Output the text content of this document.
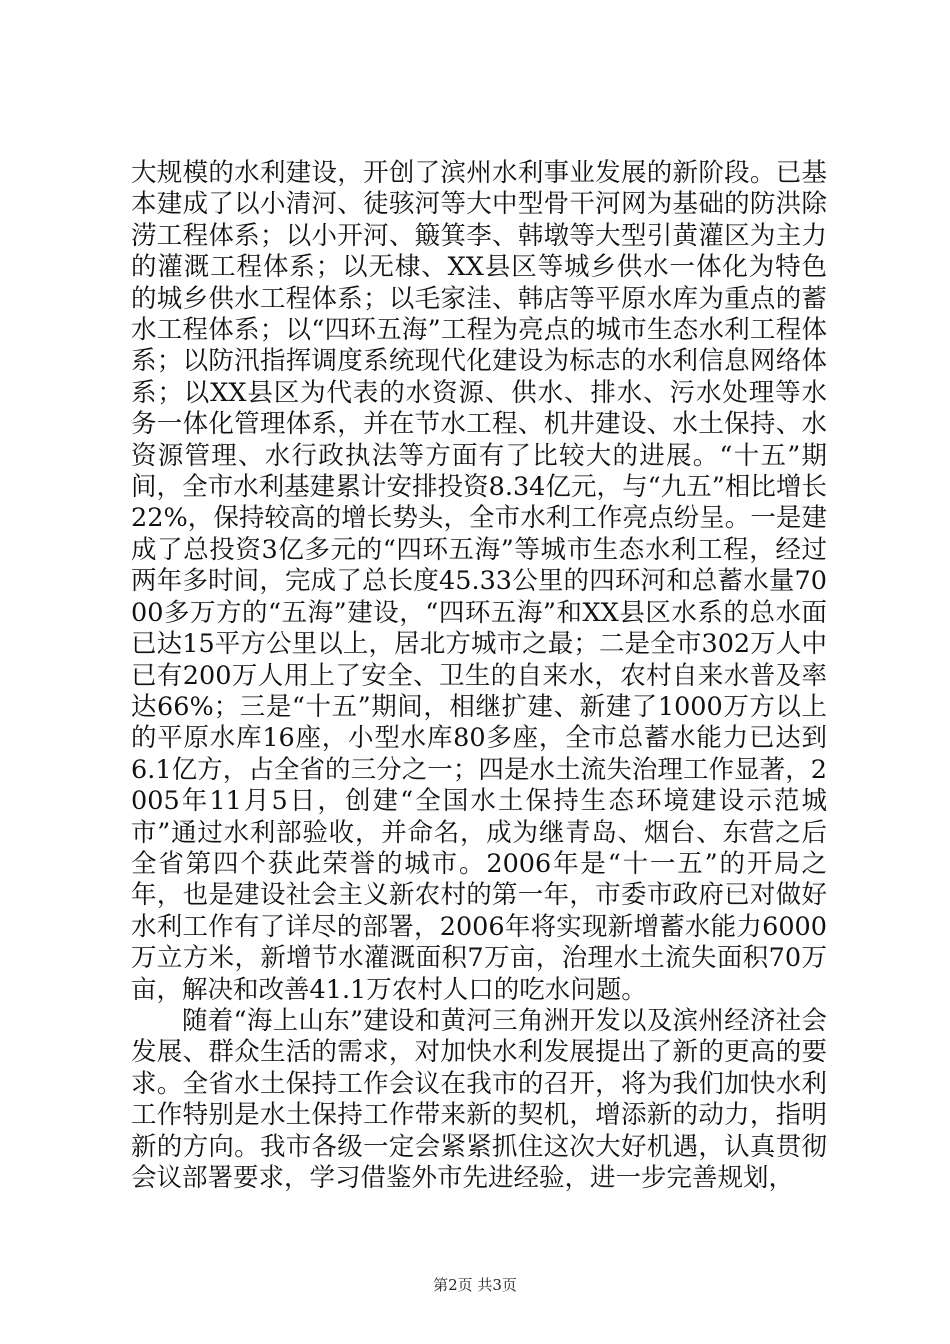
大规模的水利建设，开创了滨州水利事业发展的新阶段。已基本建成了以小清河、徒骇河等大中型骨干河网为基础的防洪除涝工程体系；以小开河、簸箕李、韩墩等大型引黄灌区为主力的灌溉工程体系；以无棣、XX县区等城乡供水一体化为特色的城乡供水工程体系；以毛家洼、韩店等平原水库为重点的蓄水工程体系；以“四环五海”工程为亮点的城市生态水利工程体系；以防汛指挥调度系统现代化建设为标志的水利信息网络体系；以XX县区为代表的水资源、供水、排水、污水处理等水务一体化管理体系，并在节水工程、机井建设、水土保持、水资源管理、水行政执法等方面有了比较大的进展。“十五”期间，全市水利基建累计安排投资8.34亿元，与“九五”相比增长22%，保持较高的增长势头，全市水利工作亮点纷呈。一是建成了总投资3亿多元的“四环五海”等城市生态水利工程，经过两年多时间，完成了总长度45.33公里的四环河和总蓄水量7000多万方的“五海”建设，“四环五海”和XX县区水系的总水面已达15平方公里以上，居北方城市之最；二是全市302万人中已有200万人用上了安全、卫生的自来水，农村自来水普及率达66%；三是“十五”期间，相继扩建、新建了1000万方以上的平原水库16座，小型水库80多座，全市总蓄水能力已达到6.1亿方，占全省的三分之一；四是水土流失治理工作显著，2005年11月5日，创建“全国水土保持生态环境建设示范城市”通过水利部验收，并命名，成为继青岛、烟台、东营之后全省第四个获此荣誉的城市。2006年是“十一五”的开局之年，也是建设社会主义新农村的第一年，市委市政府已对做好水利工作有了详尽的部署，2006年将实现新增蓄水能力6000万立方米，新增节水灌溉面积7万亩，治理水土流失面积70万亩，解决和改善41.1万农村人口的吃水问题。

随着“海上山东”建设和黄河三角洲开发以及滨州经济社会发展、群众生活的需求，对加快水利发展提出了新的更高的要求。全省水土保持工作会议在我市的召开，将为我们加快水利工作特别是水土保持工作带来新的契机，增添新的动力，指明新的方向。我市各级一定会紧紧抓住这次大好机遇，认真贯彻会议部署要求，学习借鉴外市先进经验，进一步完善规划，

第2页 共3页
